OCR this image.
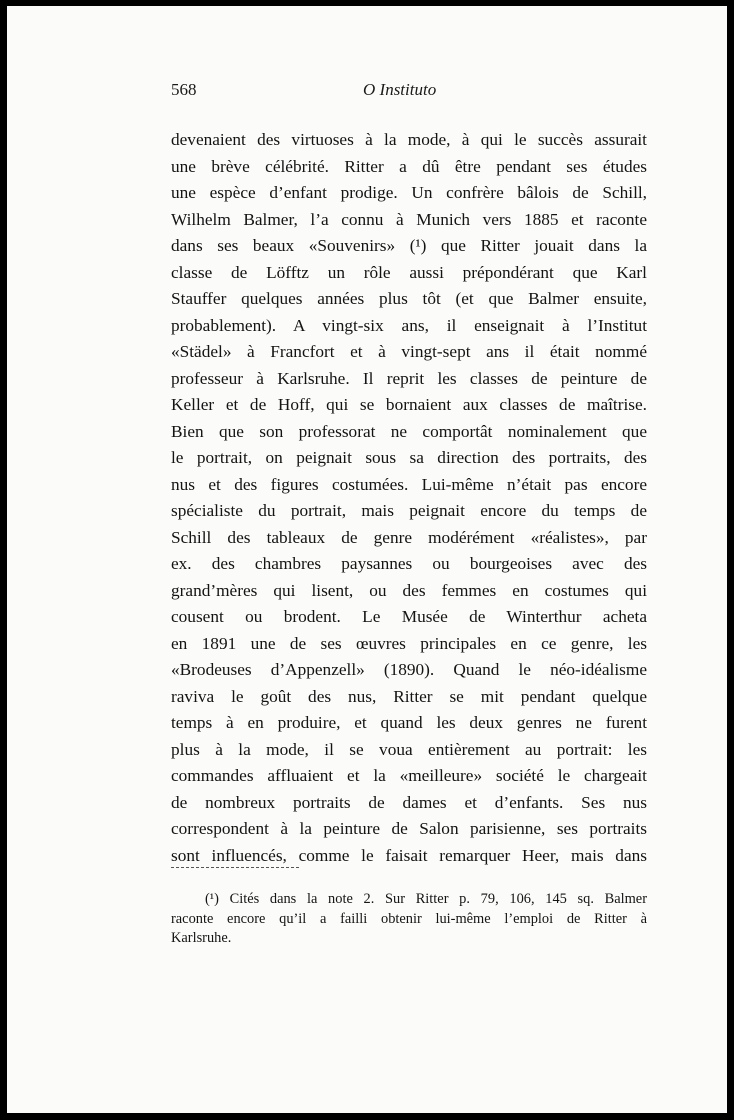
568	O Instituto
devenaient des virtuoses à la mode, à qui le succès assurait
une brève célébrité. Ritter a dû être pendant ses études
une espèce d’enfant prodige. Un confrère bâlois de Schill,
Wilhelm Balmer, l’a connu à Munich vers 1885 et raconte
dans ses beaux «Souvenirs» (¹) que Ritter jouait dans la
classe de Löfftz un rôle aussi prépondérant que Karl
Stauffer quelques années plus tôt (et que Balmer ensuite,
probablement). A vingt-six ans, il enseignait à l’Institut
«Städel» à Francfort et à vingt-sept ans il était nommé
professeur à Karlsruhe. Il reprit les classes de peinture de
Keller et de Hoff, qui se bornaient aux classes de maîtrise.
Bien que son professorat ne comportât nominalement que
le portrait, on peignait sous sa direction des portraits, des
nus et des figures costumées. Lui-même n’était pas encore
spécialiste du portrait, mais peignait encore du temps de
Schill des tableaux de genre modérément «réalistes», par
ex. des chambres paysannes ou bourgeoises avec des
grand’mères qui lisent, ou des femmes en costumes qui
cousent ou brodent. Le Musée de Winterthur acheta
en 1891 une de ses œuvres principales en ce genre, les
«Brodeuses d’Appenzell» (1890). Quand le néo-idéalisme
raviva le goût des nus, Ritter se mit pendant quelque
temps à en produire, et quand les deux genres ne furent
plus à la mode, il se voua entièrement au portrait: les
commandes affluaient et la «meilleure» société le chargeait
de nombreux portraits de dames et d’enfants. Ses nus
correspondent à la peinture de Salon parisienne, ses portraits
sont influencés, comme le faisait remarquer Heer, mais dans
(¹) Cités dans la note 2. Sur Ritter p. 79, 106, 145 sq. Balmer
raconte encore qu’il a failli obtenir lui-même l’emploi de Ritter à
Karlsruhe.
